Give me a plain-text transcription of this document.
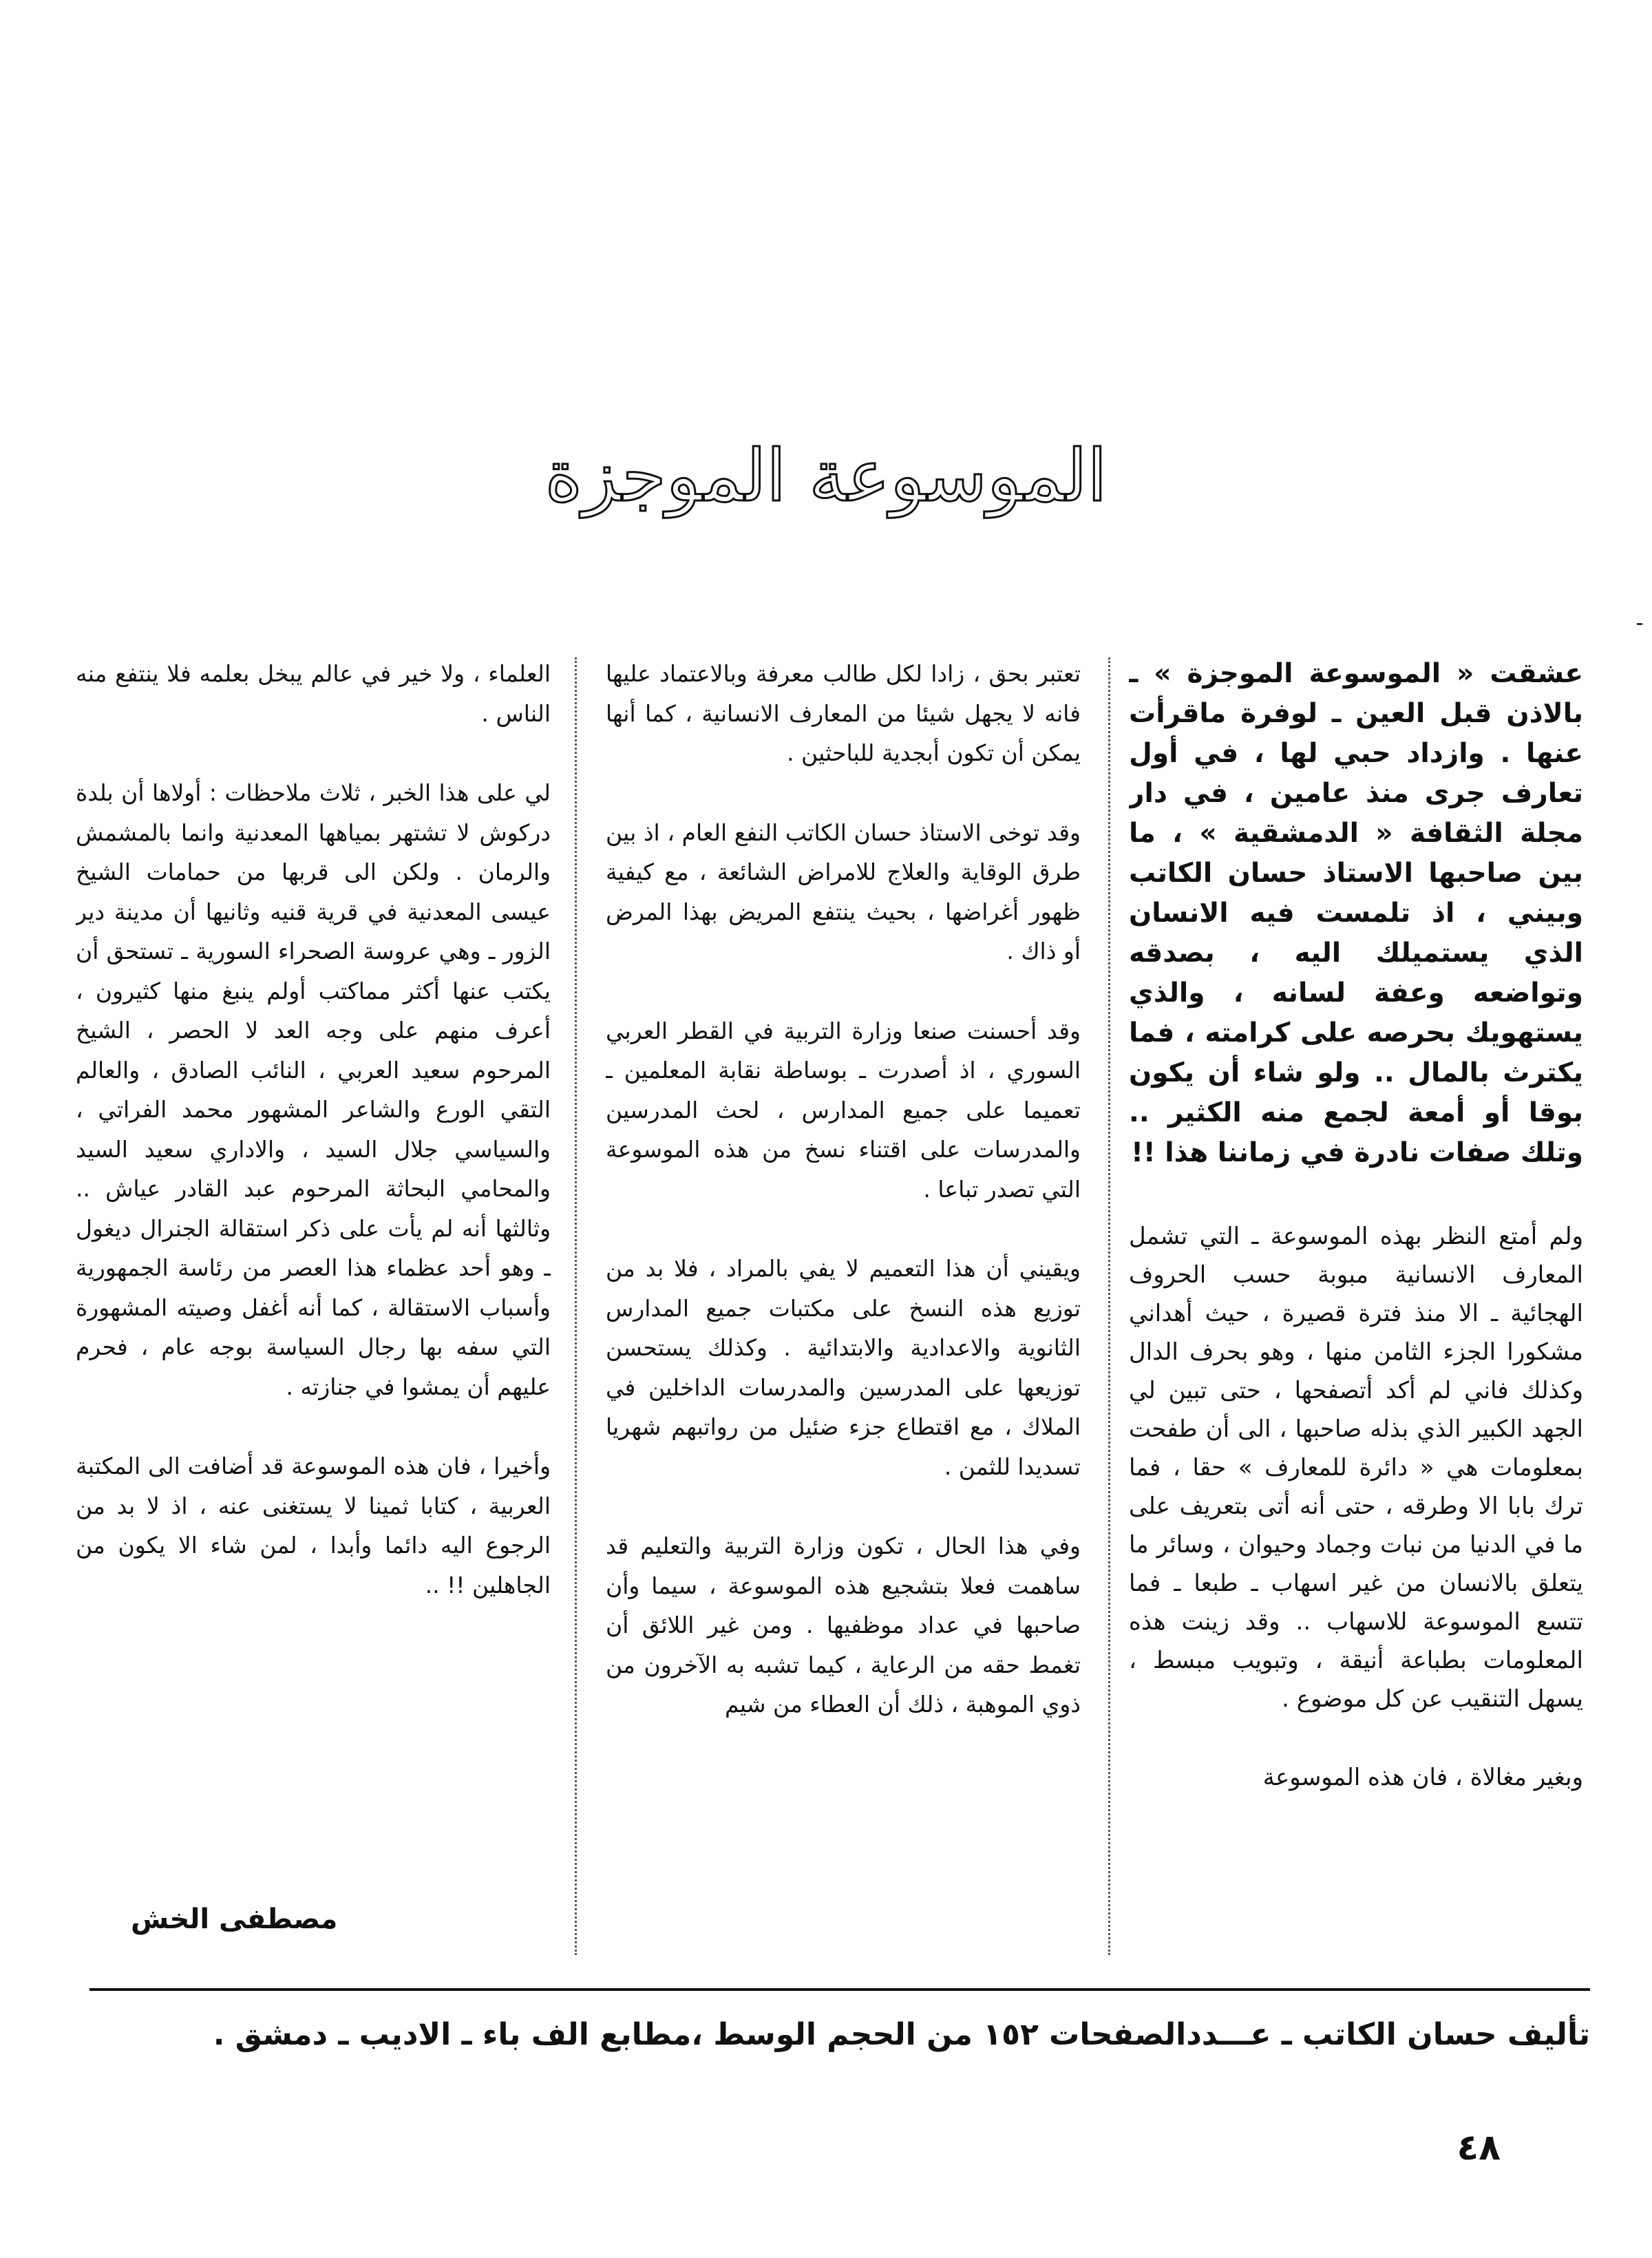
الموسوعة الموجزة

عشقت « الموسوعة الموجزة » ـ بالاذن قبل العين ـ لوفرة ماقرأت عنها . وازداد حبي لها ، في أول تعارف جرى منذ عامين ، في دار مجلة الثقافة « الدمشقية » ، ما بين صاحبها الاستاذ حسان الكاتب وبيني ، اذ تلمست فيه الانسان الذي يستميلك اليه ، بصدقه وتواضعه وعفة لسانه ، والذي يستهويك بحرصه على كرامته ، فما يكترث بالمال .. ولو شاء أن يكون بوقا أو أمعة لجمع منه الكثير .. وتلك صفات نادرة في زماننا هذا !!

ولم أمتع النظر بهذه الموسوعة ـ التي تشمل المعارف الانسانية مبوبة حسب الحروف الهجائية ـ الا منذ فترة قصيرة ، حيث أهداني مشكورا الجزء الثامن منها ، وهو بحرف الدال وكذلك فاني لم أكد أتصفحها ، حتى تبين لي الجهد الكبير الذي بذله صاحبها ، الى أن طفحت بمعلومات هي « دائرة للمعارف » حقا ، فما ترك بابا الا وطرقه ، حتى أنه أتى بتعريف على ما في الدنيا من نبات وجماد وحيوان ، وسائر ما يتعلق بالانسان من غير اسهاب ـ طبعا ـ فما تتسع الموسوعة للاسهاب .. وقد زينت هذه المعلومات بطباعة أنيقة ، وتبويب مبسط ، يسهل التنقيب عن كل موضوع .

وبغير مغالاة ، فان هذه الموسوعة

تعتبر بحق ، زادا لكل طالب معرفة وبالاعتماد عليها فانه لا يجهل شيئا من المعارف الانسانية ، كما أنها يمكن أن تكون أبجدية للباحثين .

وقد توخى الاستاذ حسان الكاتب النفع العام ، اذ بين طرق الوقاية والعلاج للامراض الشائعة ، مع كيفية ظهور أغراضها ، بحيث ينتفع المريض بهذا المرض أو ذاك .

وقد أحسنت صنعا وزارة التربية في القطر العربي السوري ، اذ أصدرت ـ بوساطة نقابة المعلمين ـ تعميما على جميع المدارس ، لحث المدرسين والمدرسات على اقتناء نسخ من هذه الموسوعة التي تصدر تباعا .

ويقيني أن هذا التعميم لا يفي بالمراد ، فلا بد من توزيع هذه النسخ على مكتبات جميع المدارس الثانوية والاعدادية والابتدائية . وكذلك يستحسن توزيعها على المدرسين والمدرسات الداخلين في الملاك ، مع اقتطاع جزء ضئيل من رواتبهم شهريا تسديدا للثمن .

وفي هذا الحال ، تكون وزارة التربية والتعليم قد ساهمت فعلا بتشجيع هذه الموسوعة ، سيما وأن صاحبها في عداد موظفيها . ومن غير اللائق أن تغمط حقه من الرعاية ، كيما تشبه به الآخرون من ذوي الموهبة ، ذلك أن العطاء من شيم

العلماء ، ولا خير في عالم يبخل بعلمه فلا ينتفع منه الناس .

لي على هذا الخبر ، ثلاث ملاحظات : أولاها أن بلدة دركوش لا تشتهر بمياهها المعدنية وانما بالمشمش والرمان . ولكن الى قربها من حمامات الشيخ عيسى المعدنية في قرية قنيه وثانيها أن مدينة دير الزور ـ وهي عروسة الصحراء السورية ـ تستحق أن يكتب عنها أكثر مماكتب أولم ينبغ منها كثيرون ، أعرف منهم على وجه العد لا الحصر ، الشيخ المرحوم سعيد العربي ، النائب الصادق ، والعالم التقي الورع والشاعر المشهور محمد الفراتي ، والسياسي جلال السيد ، والاداري سعيد السيد والمحامي البحاثة المرحوم عبد القادر عياش .. وثالثها أنه لم يأت على ذكر استقالة الجنرال ديغول ـ وهو أحد عظماء هذا العصر من رئاسة الجمهورية وأسباب الاستقالة ، كما أنه أغفل وصيته المشهورة التي سفه بها رجال السياسة بوجه عام ، فحرم عليهم أن يمشوا في جنازته .

وأخيرا ، فان هذه الموسوعة قد أضافت الى المكتبة العربية ، كتابا ثمينا لا يستغنى عنه ، اذ لا بد من الرجوع اليه دائما وأبدا ، لمن شاء الا يكون من الجاهلين !! ..

مصطفى الخش
تأليف حسان الكاتب ـ عـــددالصفحات ١٥٢ من الحجم الوسط ،مطابع الف باء ـ الاديب ـ دمشق .
٤٨
